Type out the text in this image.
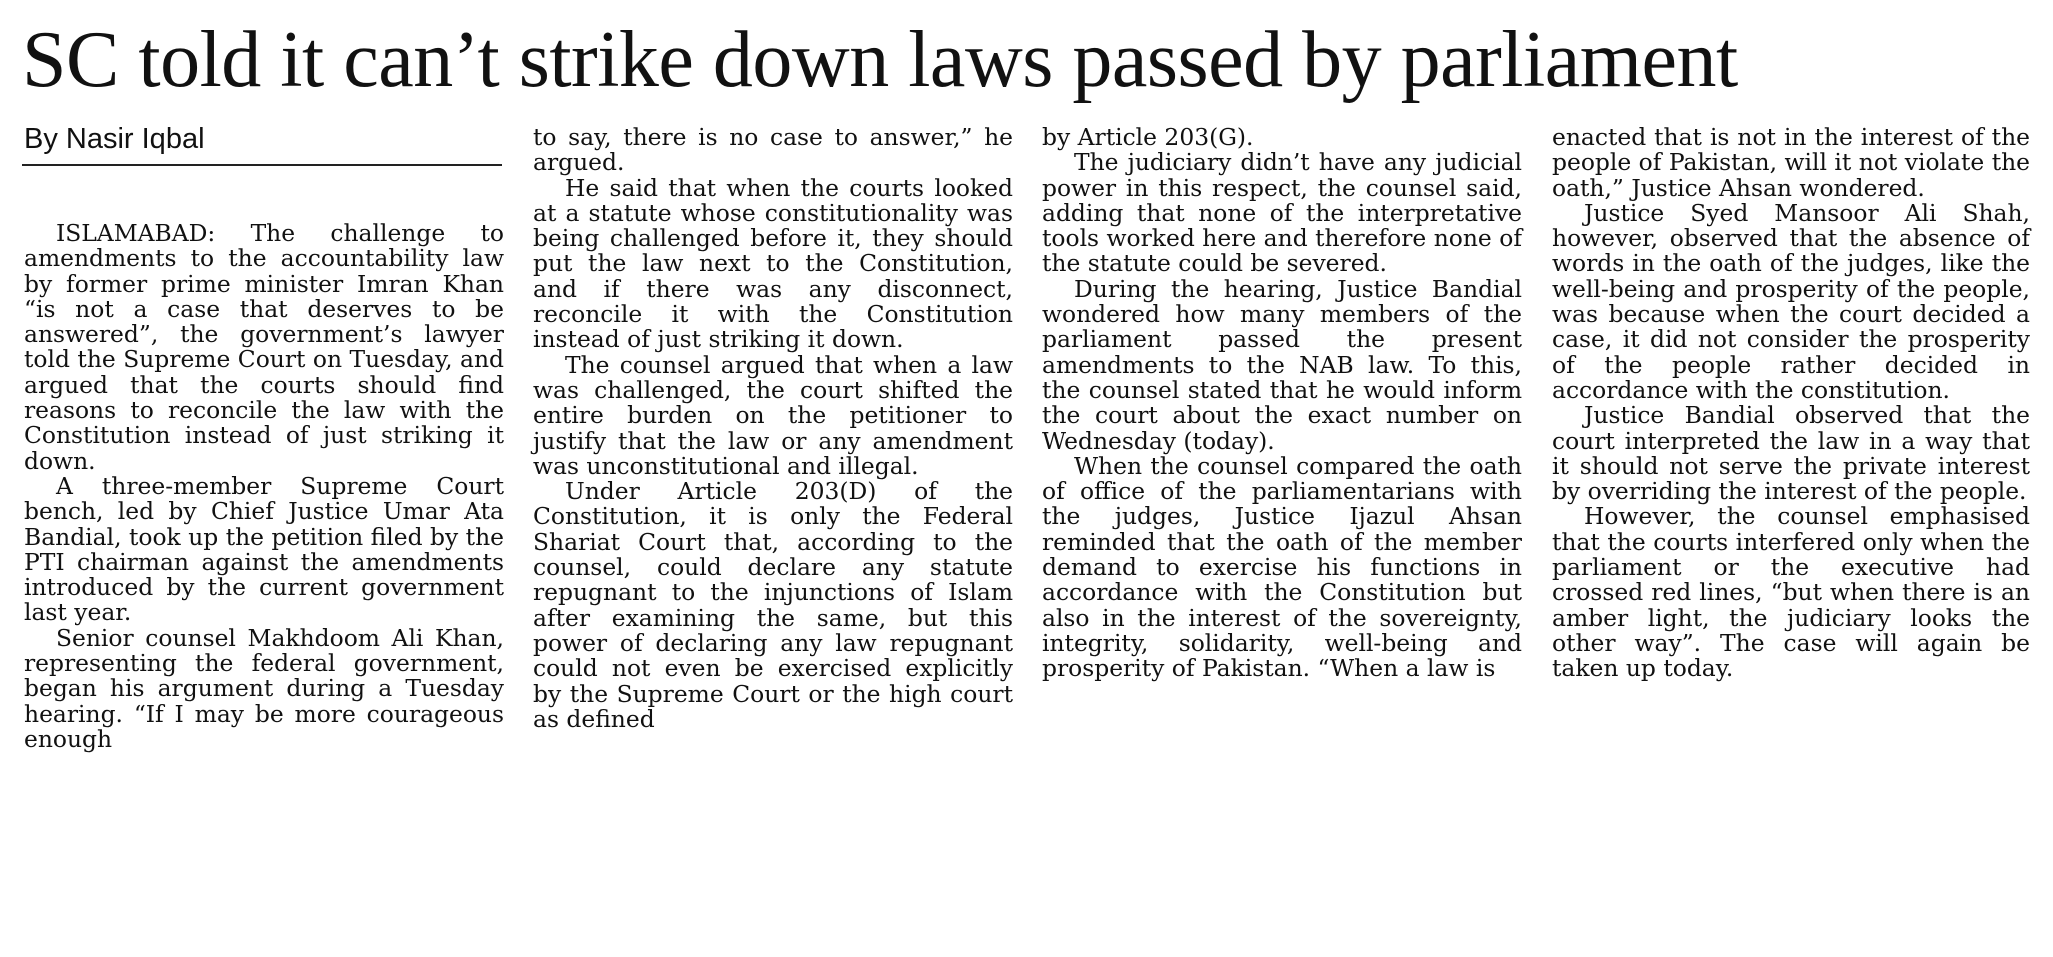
SC told it can’t strike down laws passed by parliament
By Nasir Iqbal

ISLAMABAD: The challenge to amendments to the accountability law by former prime minister Imran Khan “is not a case that deserves to be answered”, the government’s lawyer told the Supreme Court on Tuesday, and argued that the courts should find reasons to reconcile the law with the Constitution instead of just striking it down.

A three-member Supreme Court bench, led by Chief Justice Umar Ata Bandial, took up the petition filed by the PTI chairman against the amendments introduced by the current government last year.

Senior counsel Makhdoom Ali Khan, representing the federal government, began his argument during a Tuesday hearing. “If I may be more courageous enough

to say, there is no case to answer,” he argued.

He said that when the courts looked at a statute whose constitutionality was being challenged before it, they should put the law next to the Constitution, and if there was any disconnect, reconcile it with the Constitution instead of just striking it down.

The counsel argued that when a law was challenged, the court shifted the entire burden on the petitioner to justify that the law or any amendment was unconstitutional and illegal.

Under Article 203(D) of the Constitution, it is only the Federal Shariat Court that, according to the counsel, could declare any statute repugnant to the injunctions of Islam after examining the same, but this power of declaring any law repugnant could not even be exercised explicitly by the Supreme Court or the high court as defined

by Article 203(G).

The judiciary didn’t have any judicial power in this respect, the counsel said, adding that none of the interpretative tools worked here and therefore none of the statute could be severed.

During the hearing, Justice Bandial wondered how many members of the parliament passed the present amendments to the NAB law. To this, the counsel stated that he would inform the court about the exact number on Wednesday (today).

When the counsel compared the oath of office of the parliamentarians with the judges, Justice Ijazul Ahsan reminded that the oath of the member demand to exercise his functions in accordance with the Constitution but also in the interest of the sovereignty, integrity, solidarity, well-being and prosperity of Pakistan. “When a law is

enacted that is not in the interest of the people of Pakistan, will it not violate the oath,” Justice Ahsan wondered.

Justice Syed Mansoor Ali Shah, however, observed that the absence of words in the oath of the judges, like the well-being and prosperity of the people, was because when the court decided a case, it did not consider the prosperity of the people rather decided in accordance with the constitution.

Justice Bandial observed that the court interpreted the law in a way that it should not serve the private interest by overriding the interest of the people.

However, the counsel emphasised that the courts interfered only when the parliament or the executive had crossed red lines, “but when there is an amber light, the judiciary looks the other way”. The case will again be taken up today.
